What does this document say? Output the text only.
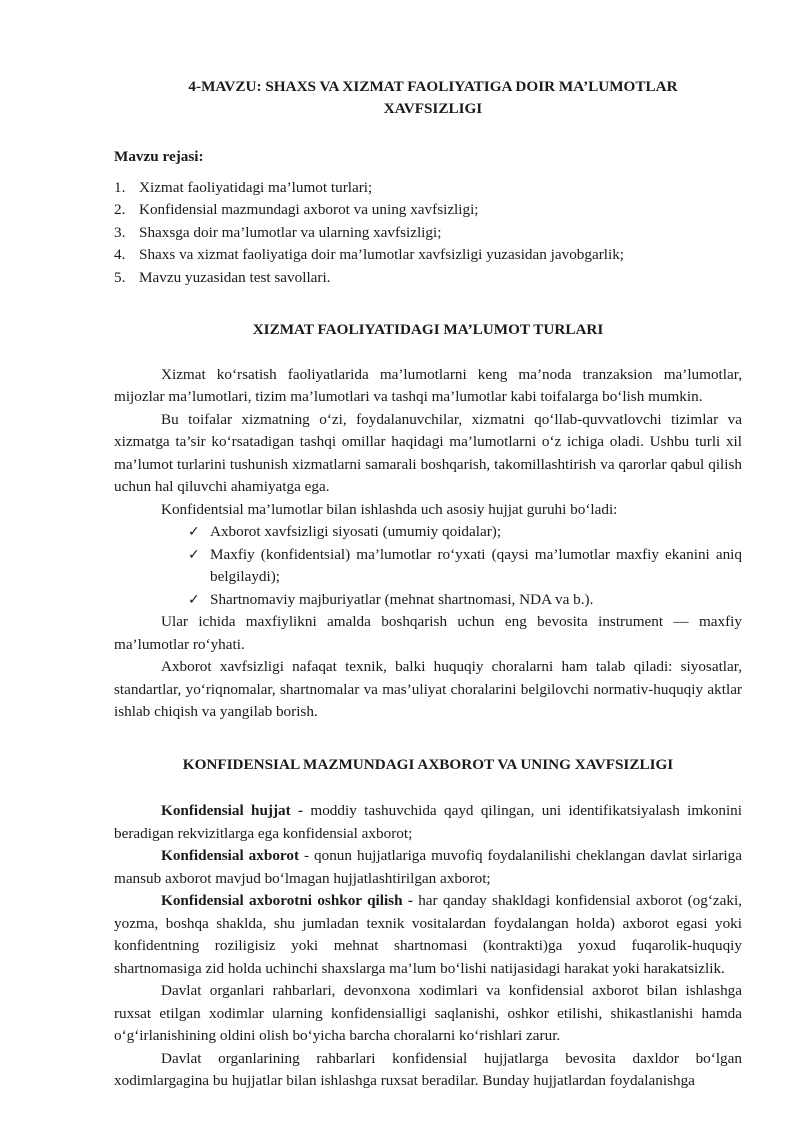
4-MAVZU: SHAXS VA XIZMAT FAOLIYATIGA DOIR MA’LUMOTLAR
XAVFSIZLIGI
Mavzu rejasi:
1. Xizmat faoliyatidagi ma’lumot turlari;
2. Konfidensial mazmundagi axborot va uning xavfsizligi;
3. Shaxsga doir ma’lumotlar va ularning xavfsizligi;
4. Shaxs va xizmat faoliyatiga doir ma’lumotlar xavfsizligi yuzasidan javobgarlik;
5. Mavzu yuzasidan test savollari.
XIZMAT FAOLIYATIDAGI MA’LUMOT TURLARI

Xizmat ko‘rsatish faoliyatlarida ma’lumotlarni keng ma’noda tranzaksion ma’lumotlar, mijozlar ma’lumotlari, tizim ma’lumotlari va tashqi ma’lumotlar kabi toifalarga bo‘lish mumkin.

Bu toifalar xizmatning o‘zi, foydalanuvchilar, xizmatni qo‘llab-quvvatlovchi tizimlar va xizmatga ta’sir ko‘rsatadigan tashqi omillar haqidagi ma’lumotlarni o‘z ichiga oladi. Ushbu turli xil ma’lumot turlarini tushunish xizmatlarni samarali boshqarish, takomillashtirish va qarorlar qabul qilish uchun hal qiluvchi ahamiyatga ega.

Konfidentsial ma’lumotlar bilan ishlashda uch asosiy hujjat guruhi bo‘ladi:

✓ Axborot xavfsizligi siyosati (umumiy qoidalar);
✓ Maxfiy (konfidentsial) ma’lumotlar ro‘yxati (qaysi ma’lumotlar maxfiy ekanini aniq belgilaydi);
✓ Shartnomaviy majburiyatlar (mehnat shartnomasi, NDA va b.).

Ular ichida maxfiylikni amalda boshqarish uchun eng bevosita instrument — maxfiy ma’lumotlar ro‘yhati.

Axborot xavfsizligi nafaqat texnik, balki huquqiy choralarni ham talab qiladi: siyosatlar, standartlar, yo‘riqnomalar, shartnomalar va mas’uliyat choralarini belgilovchi normativ-huquqiy aktlar ishlab chiqish va yangilab borish.

KONFIDENSIAL MAZMUNDAGI AXBOROT VA UNING XAVFSIZLIGI

Konfidensial hujjat - moddiy tashuvchida qayd qilingan, uni identifikatsiyalash imkonini beradigan rekvizitlarga ega konfidensial axborot;

Konfidensial axborot - qonun hujjatlariga muvofiq foydalanilishi cheklangan davlat sirlariga mansub axborot mavjud bo‘lmagan hujjatlashtirilgan axborot;

Konfidensial axborotni oshkor qilish - har qanday shakldagi konfidensial axborot (og‘zaki, yozma, boshqa shaklda, shu jumladan texnik vositalardan foydalangan holda) axborot egasi yoki konfidentning roziligisiz yoki mehnat shartnomasi (kontrakti)ga yoxud fuqarolik-huquqiy shartnomasiga zid holda uchinchi shaxslarga ma’lum bo‘lishi natijasidagi harakat yoki harakatsizlik.

Davlat organlari rahbarlari, devonxona xodimlari va konfidensial axborot bilan ishlashga ruxsat etilgan xodimlar ularning konfidensialligi saqlanishi, oshkor etilishi, shikastlanishi hamda o‘g‘irlanishining oldini olish bo‘yicha barcha choralarni ko‘rishlari zarur.

Davlat organlarining rahbarlari konfidensial hujjatlarga bevosita daxldor bo‘lgan xodimlargagina bu hujjatlar bilan ishlashga ruxsat beradilar. Bunday hujjatlardan foydalanishga
